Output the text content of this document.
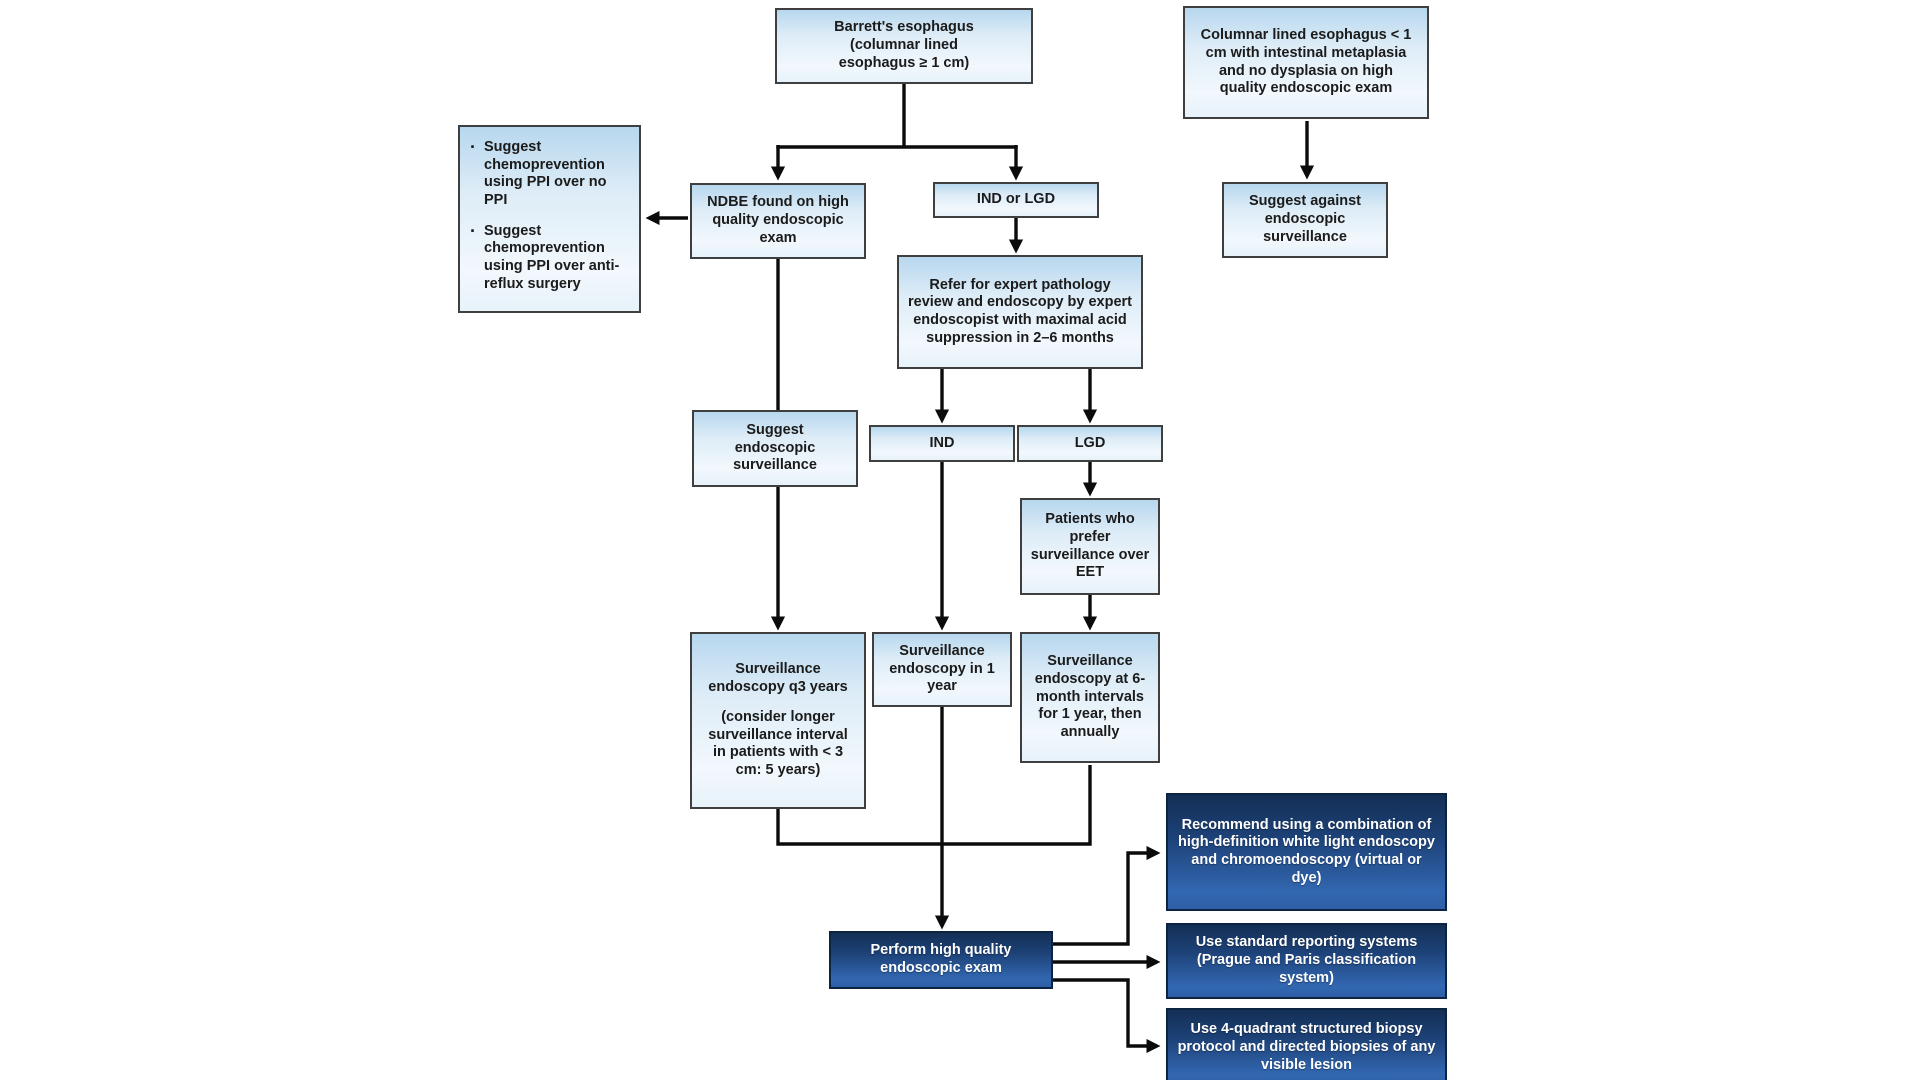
Barrett's esophagus (columnar lined esophagus ≥ 1 cm)
Columnar lined esophagus < 1 cm with intestinal metaplasia and no dysplasia on high quality endoscopic exam
Suggest against endoscopic surveillance
· Suggest chemoprevention using PPI over no PPI
· Suggest chemoprevention using PPI over anti-reflux surgery
NDBE found on high quality endoscopic exam
IND or LGD
Refer for expert pathology review and endoscopy by expert endoscopist with maximal acid suppression in 2–6 months
Suggest endoscopic surveillance
IND	LGD
Patients who prefer surveillance over EET
Surveillance endoscopy q3 years
(consider longer surveillance interval in patients with < 3 cm: 5 years)
Surveillance endoscopy in 1 year
Surveillance endoscopy at 6-month intervals for 1 year, then annually
Perform high quality endoscopic exam
Recommend using a combination of high-definition white light endoscopy and chromoendoscopy (virtual or dye)
Use standard reporting systems (Prague and Paris classification system)
Use 4-quadrant structured biopsy protocol and directed biopsies of any visible lesion
